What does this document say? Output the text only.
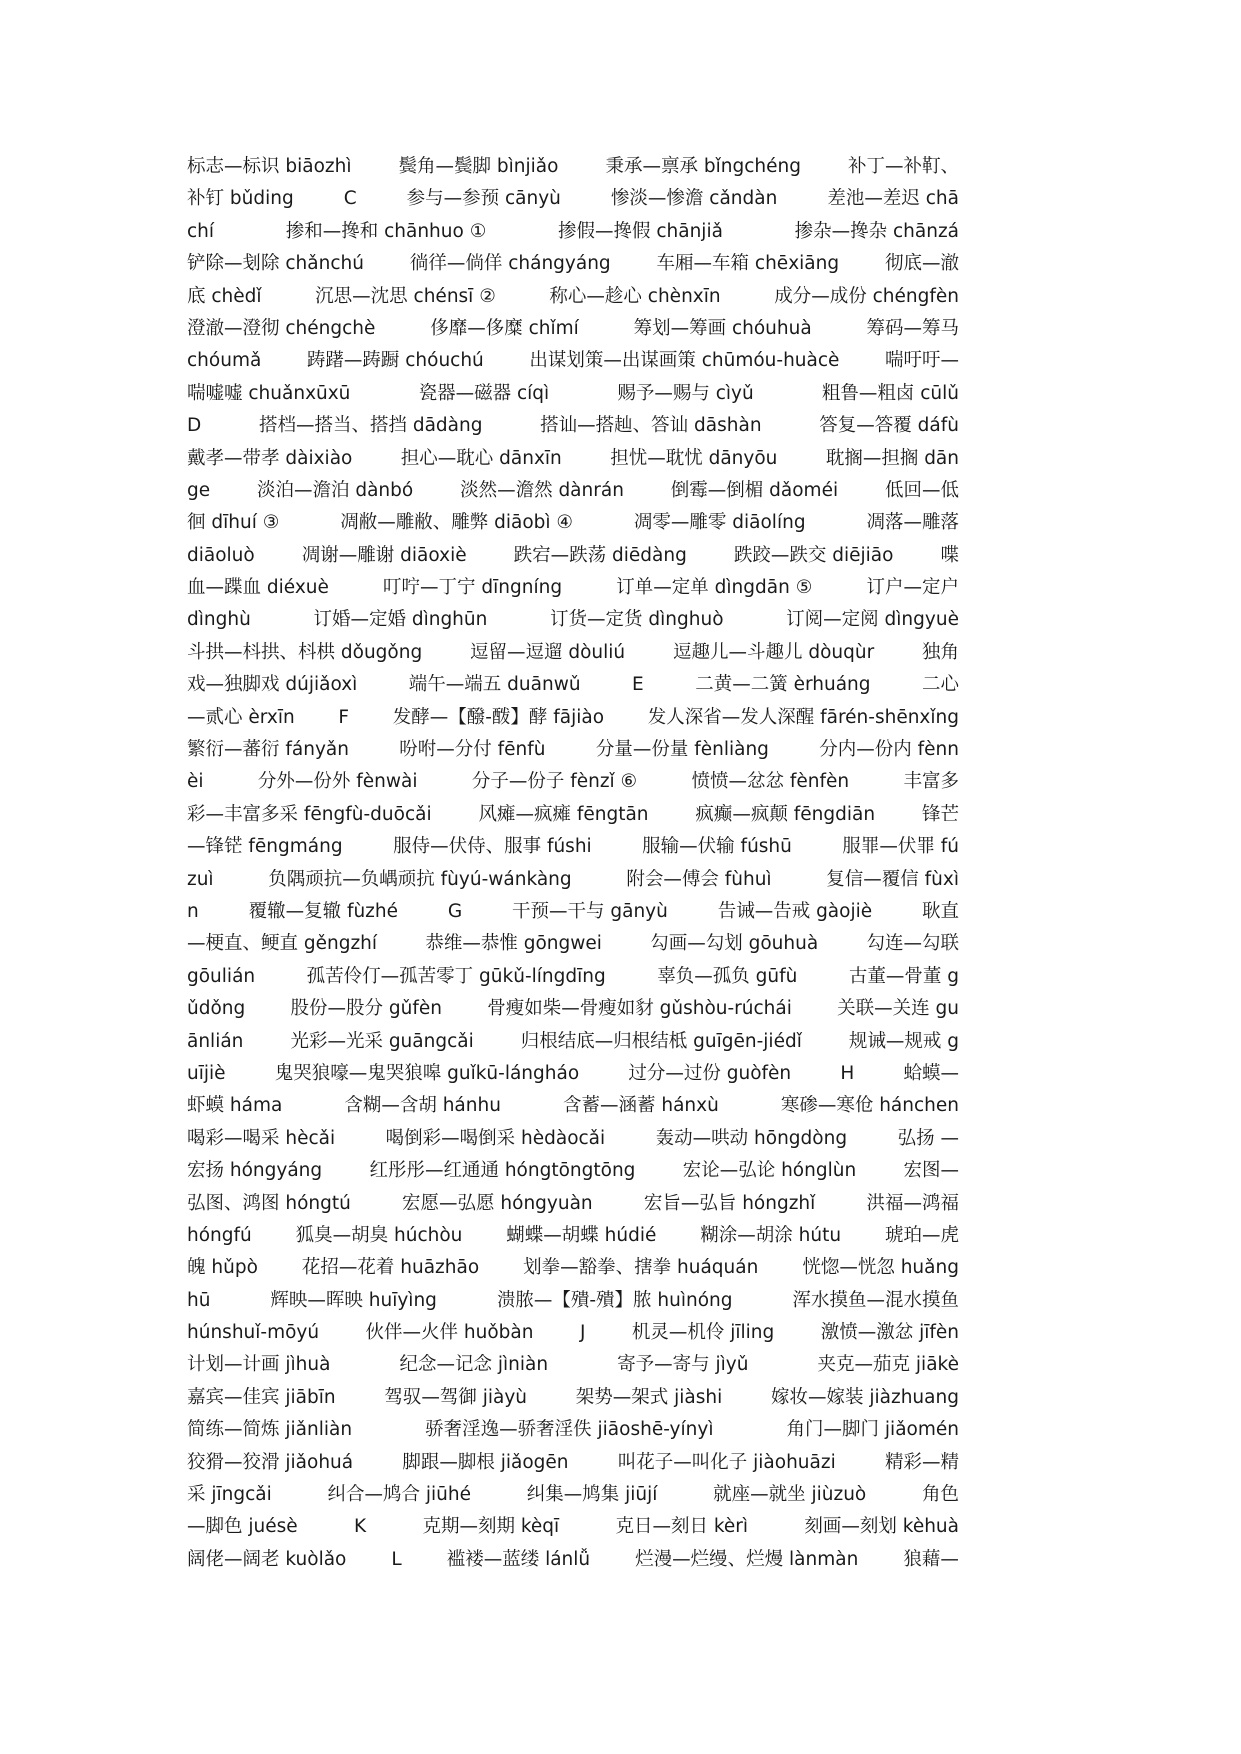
标志—标识 biāozhì	鬓角—鬓脚 bìnjiǎo	秉承—禀承 bǐngchéng	补丁—补靪、
补钉 bǔding	C	参与—参预 cānyù	惨淡—惨澹 cǎndàn	差池—差迟 chā
chí	掺和—搀和 chānhuo ①	掺假—搀假 chānjiǎ	掺杂—搀杂 chānzá
铲除—刬除 chǎnchú 徜徉—倘佯 chángyáng 车厢—车箱 chēxiāng 彻底—澈
底 chèdǐ	沉思—沈思 chénsī ②	称心—趁心 chènxīn	成分—成份 chéngfèn
澄澈—澄彻 chéngchè	侈靡—侈糜 chǐmí	筹划—筹画 chóuhuà	筹码—筹马
chóumǎ 踌躇—踌蹰 chóuchú 出谋划策—出谋画策 chūmóu-huàcè 喘吁吁—
喘嘘嘘 chuǎnxūxū	瓷器—磁器 cíqì	赐予—赐与 cìyǔ	粗鲁—粗卤 cūlǔ
D	搭档—搭当、搭挡 dādàng	搭讪—搭赸、答讪 dāshàn	答复—答覆 dáfù
戴孝—带孝 dàixiào	担心—耽心 dānxīn	担忧—耽忧 dānyōu	耽搁—担搁 dān
ge	淡泊—澹泊 dànbó	淡然—澹然 dànrán	倒霉—倒楣 dǎoméi	低回—低
徊 dīhuí ③	凋敝—雕敝、雕弊 diāobì ④	凋零—雕零 diāolíng	凋落—雕落
diāoluò	凋谢—雕谢 diāoxiè	跌宕—跌荡 diēdàng	跌跤—跌交 diējiāo	喋
血—蹀血 diéxuè	叮咛—丁宁 dīngníng	订单—定单 dìngdān ⑤	订户—定户
dìnghù	订婚—定婚 dìnghūn	订货—定货 dìnghuò	订阅—定阅 dìngyuè
斗拱—枓拱、枓栱 dǒugǒng	逗留—逗遛 dòuliú	逗趣儿—斗趣儿 dòuqùr	独角
戏—独脚戏 dújiǎoxì	端午—端五 duānwǔ	E	二黄—二簧 èrhuáng	二心
—贰心 èrxīn F 发酵—【醱-酦】酵 fājiào 发人深省—发人深醒 fārén-shēnxǐng
繁衍—蕃衍 fányǎn	吩咐—分付 fēnfù	分量—份量 fènliàng	分内—份内 fènn
èi	分外—份外 fènwài	分子—份子 fènzǐ ⑥	愤愤—忿忿 fènfèn	丰富多
彩—丰富多采 fēngfù-duōcǎi	风瘫—疯瘫 fēngtān	疯癫—疯颠 fēngdiān	锋芒
—锋铓 fēngmáng	服侍—伏侍、服事 fúshi	服输—伏输 fúshū	服罪—伏罪 fú
zuì	负隅顽抗—负嵎顽抗 fùyú-wánkàng	附会—傅会 fùhuì	复信—覆信 fùxì
n	覆辙—复辙 fùzhé	G	干预—干与 gānyù	告诫—告戒 gàojiè	耿直
—梗直、鲠直 gěngzhí	恭维—恭惟 gōngwei	勾画—勾划 gōuhuà	勾连—勾联
gōulián	孤苦伶仃—孤苦零丁 gūkǔ-língdīng	辜负—孤负 gūfù	古董—骨董 g
ǔdǒng 股份—股分 gǔfèn 骨瘦如柴—骨瘦如豺 gǔshòu-rúchái 关联—关连 gu
ānlián	光彩—光采 guāngcǎi	归根结底—归根结柢 guīgēn-jiédǐ	规诫—规戒 g
uījiè	鬼哭狼嚎—鬼哭狼嗥 guǐkū-lángháo	过分—过份 guòfèn	H	蛤蟆—
虾蟆 háma	含糊—含胡 hánhu	含蓄—涵蓄 hánxù	寒碜—寒伧 hánchen
喝彩—喝采 hècǎi	喝倒彩—喝倒采 hèdàocǎi	轰动—哄动 hōngdòng	弘扬 —
宏扬 hóngyáng	红彤彤—红通通 hóngtōngtōng	宏论—弘论 hónglùn	宏图—
弘图、鸿图 hóngtú	宏愿—弘愿 hóngyuàn	宏旨—弘旨 hóngzhǐ	洪福—鸿福
hóngfú 狐臭—胡臭 húchòu 蝴蝶—胡蝶 húdié 糊涂—胡涂 hútu 琥珀—虎
魄 hǔpò 花招—花着 huāzhāo 划拳—豁拳、搳拳 huáquán 恍惚—恍忽 huǎng
hū	辉映—晖映 huīyìng	溃脓—【殨-殨】脓 huìnóng	浑水摸鱼—混水摸鱼
húnshuǐ-mōyú	伙伴—火伴 huǒbàn	J	机灵—机伶 jīling	激愤—激忿 jīfèn
计划—计画 jìhuà	纪念—记念 jìniàn	寄予—寄与 jìyǔ	夹克—茄克 jiākè
嘉宾—佳宾 jiābīn	驾驭—驾御 jiàyù	架势—架式 jiàshi	嫁妆—嫁装 jiàzhuang
简练—简炼 jiǎnliàn	骄奢淫逸—骄奢淫佚 jiāoshē-yínyì	角门—脚门 jiǎomén
狡猾—狡滑 jiǎohuá	脚跟—脚根 jiǎogēn	叫花子—叫化子 jiàohuāzi	精彩—精
采 jīngcǎi	纠合—鸠合 jiūhé	纠集—鸠集 jiūjí	就座—就坐 jiùzuò	角色
—脚色 juésè	K	克期—刻期 kèqī	克日—刻日 kèrì	刻画—刻划 kèhuà
阔佬—阔老 kuòlǎo L 褴褛—蓝缕 lánlǚ 烂漫—烂缦、烂熳 lànmàn 狼藉—
